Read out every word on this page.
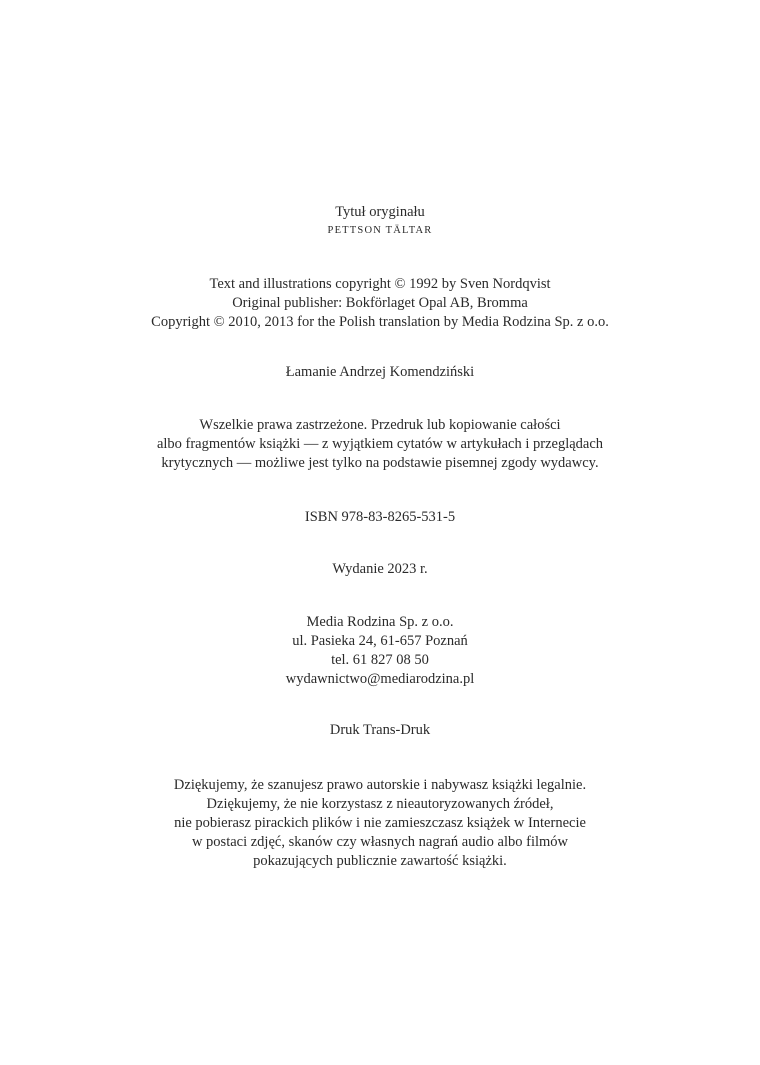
Tytuł oryginału
PETTSON TÄLTAR
Text and illustrations copyright © 1992 by Sven Nordqvist
Original publisher: Bokförlaget Opal AB, Bromma
Copyright © 2010, 2013 for the Polish translation by Media Rodzina Sp. z o.o.
Łamanie Andrzej Komendziński
Wszelkie prawa zastrzeżone. Przedruk lub kopiowanie całości
albo fragmentów książki — z wyjątkiem cytatów w artykułach i przeglądach
krytycznych — możliwe jest tylko na podstawie pisemnej zgody wydawcy.
ISBN 978-83-8265-531-5
Wydanie 2023 r.
Media Rodzina Sp. z o.o.
ul. Pasieka 24, 61-657 Poznań
tel. 61 827 08 50
wydawnictwo@mediarodzina.pl
Druk Trans-Druk
Dziękujemy, że szanujesz prawo autorskie i nabywasz książki legalnie.
Dziękujemy, że nie korzystasz z nieautoryzowanych źródeł,
nie pobierasz pirackich plików i nie zamieszczasz książek w Internecie
w postaci zdjęć, skanów czy własnych nagrań audio albo filmów
pokazujących publicznie zawartość książki.
